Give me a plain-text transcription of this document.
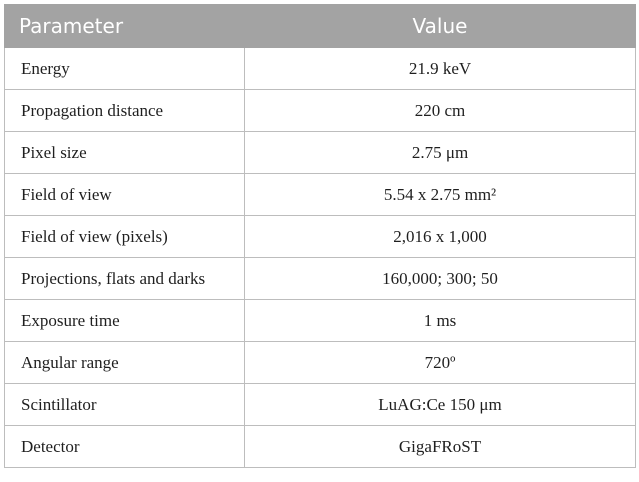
Parameter	Value
Energy	21.9 keV
Propagation distance	220 cm
Pixel size	2.75 μm
Field of view	5.54 x 2.75 mm²
Field of view (pixels)	2,016 x 1,000
Projections, flats and darks	160,000; 300; 50
Exposure time	1 ms
Angular range	720º
Scintillator	LuAG:Ce 150 μm
Detector	GigaFRoST
